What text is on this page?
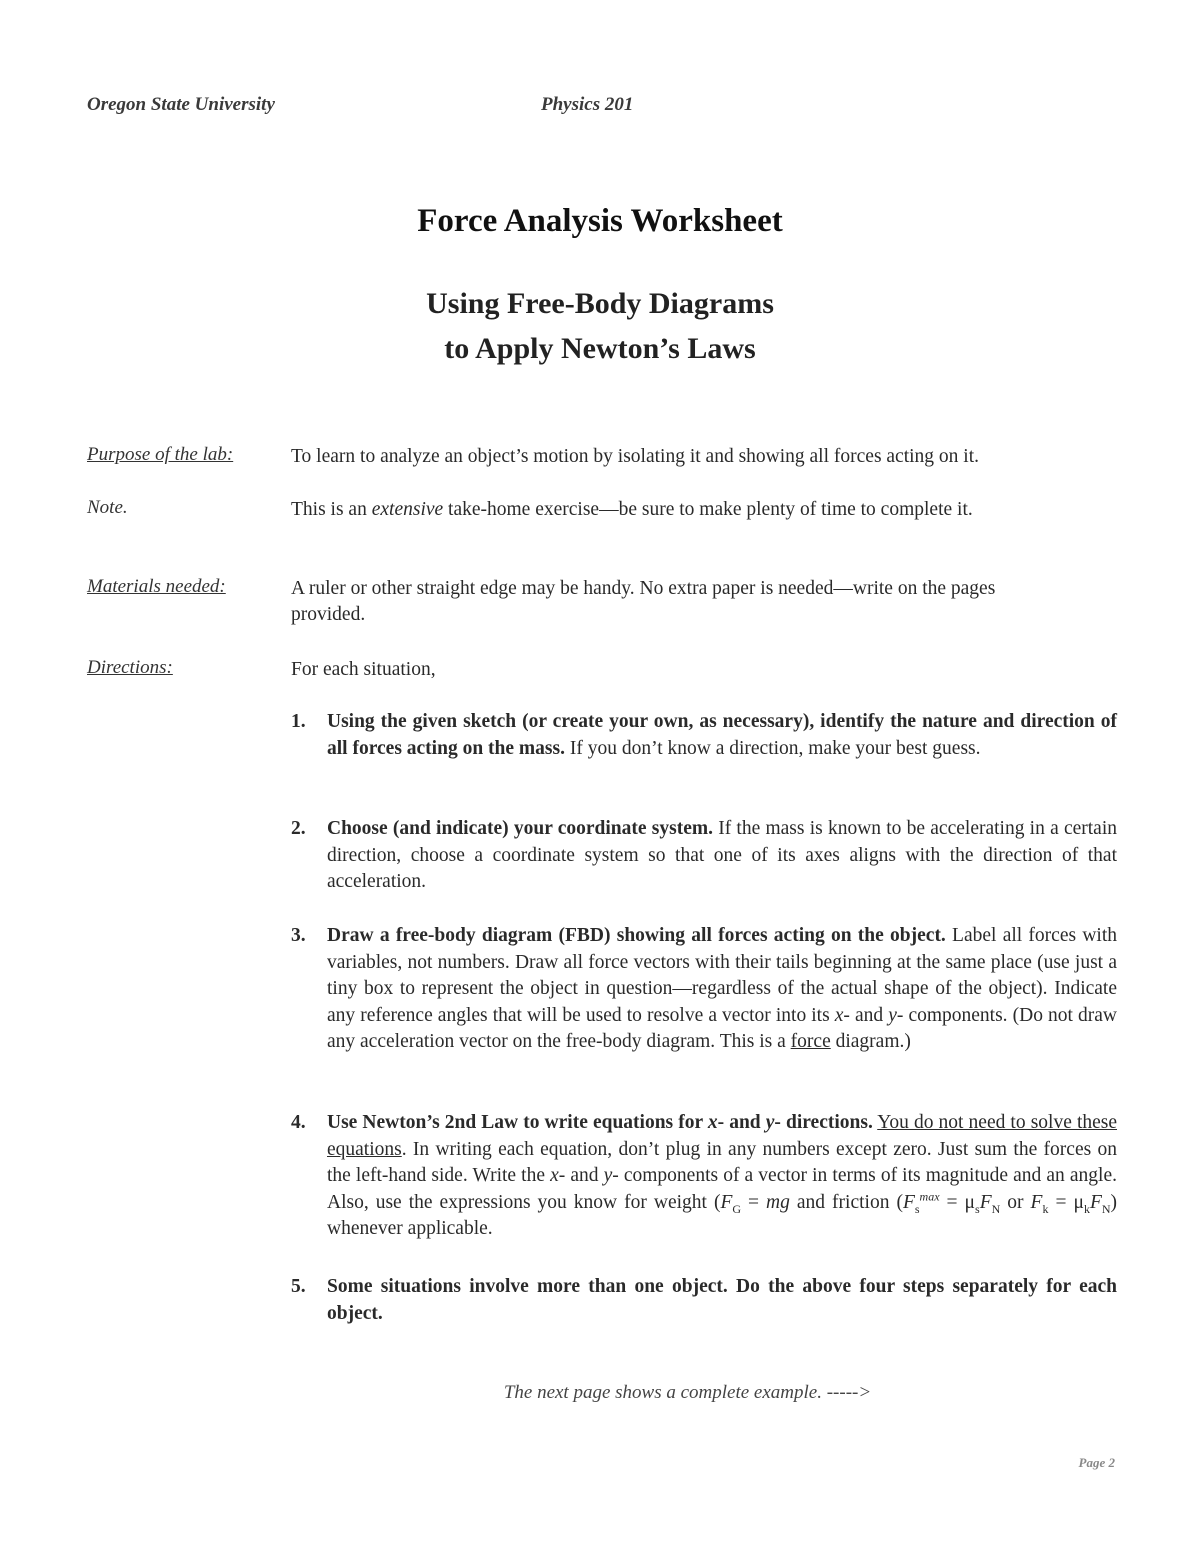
Oregon State University	Physics 201
Force Analysis Worksheet
Using Free-Body Diagrams
to Apply Newton’s Laws
Purpose of the lab:	To learn to analyze an object’s motion by isolating it and showing all forces acting on it.
Note.	This is an extensive take-home exercise—be sure to make plenty of time to complete it.
Materials needed:	A ruler or other straight edge may be handy. No extra paper is needed—write on the pages provided.
Directions:	For each situation,
1. Using the given sketch (or create your own, as necessary), identify the nature and direction of all forces acting on the mass. If you don’t know a direction, make your best guess.
2. Choose (and indicate) your coordinate system. If the mass is known to be accelerating in a certain direction, choose a coordinate system so that one of its axes aligns with the direction of that acceleration.
3. Draw a free-body diagram (FBD) showing all forces acting on the object. Label all forces with variables, not numbers. Draw all force vectors with their tails beginning at the same place (use just a tiny box to represent the object in question—regardless of the actual shape of the object). Indicate any reference angles that will be used to resolve a vector into its x- and y- components. (Do not draw any acceleration vector on the free-body diagram. This is a force diagram.)
4. Use Newton’s 2nd Law to write equations for x- and y- directions. You do not need to solve these equations. In writing each equation, don’t plug in any numbers except zero. Just sum the forces on the left-hand side. Write the x- and y- components of a vector in terms of its magnitude and an angle. Also, use the expressions you know for weight ($F_G$ = mg and friction ($F_s^{max} = \mu_sF_N$ or $F_k = \mu_kF_N$) whenever applicable.
5. Some situations involve more than one object. Do the above four steps separately for each object.
The next page shows a complete example. ----->
Page 2
